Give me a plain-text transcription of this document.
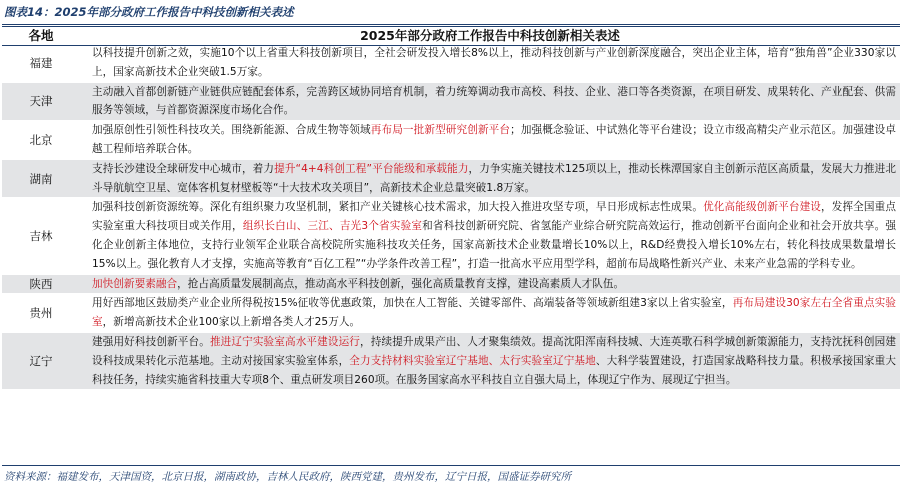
图表14：2025年部分政府工作报告中科技创新相关表述
各地	2025年部分政府工作报告中科技创新相关表述
福建	以科技提升创新之效，实施10个以上省重大科技创新项目，全社会研发投入增长8%以上，推动科技创新与产业创新深度融合，突出企业主体，培育“独角兽”企业330家以上，国家高新技术企业突破1.5万家。
天津	主动融入首都创新链产业链供应链配套体系，完善跨区域协同培育机制，着力统筹调动我市高校、科技、企业、港口等各类资源，在项目研发、成果转化、产业配套、供需服务等领域，与首都资源深度市场化合作。
北京	加强原创性引领性科技攻关。围绕新能源、合成生物等领域再布局一批新型研究创新平台；加强概念验证、中试熟化等平台建设；设立市级高精尖产业示范区。加强建设卓越工程师培养联合体。
湖南	支持长沙建设全球研发中心城市，着力提升“4+4科创工程”平台能级和承载能力，力争实施关键技术125项以上，推动长株潭国家自主创新示范区高质量，发展大力推进北斗导航航空卫星、宽体客机复材壁板等“十大技术攻关项目”，高新技术企业总量突破1.8万家。
吉林	加强科技创新资源统筹。深化有组织聚力攻坚机制，紧扣产业关键核心技术需求，加大投入推进攻坚专项，早日形成标志性成果。优化高能级创新平台建设，发挥全国重点实验室重大科技项目或关作用，组织长白山、三江、吉光3个省实验室和省科技创新研究院、省氢能产业综合研究院高效运行，推动创新平台面向企业和社会开放共享。强化企业创新主体地位，支持行业领军企业联合高校院所实施科技攻关任务，国家高新技术企业数量增长10%以上，R&D经费投入增长10%左右，转化科技成果数量增长15%以上。强化教育人才支撑，实施高等教育“百亿工程”“办学条件改善工程”，打造一批高水平应用型学科，超前布局战略性新兴产业、未来产业急需的学科专业。
陕西	加快创新要素融合，抢占高质量发展制高点，推动高水平科技创新，强化高质量教育支撑，建设高素质人才队伍。
贵州	用好西部地区鼓励类产业企业所得税按15%征收等优惠政策，加快在人工智能、关键零部件、高端装备等领域新组建3家以上省实验室，再布局建设30家左右全省重点实验室，新增高新技术企业100家以上新增各类人才25万人。
辽宁	建强用好科技创新平台。推进辽宁实验室高水平建设运行，持续提升成果产出、人才聚集绩效。提高沈阳浑南科技城、大连英歌石科学城创新策源能力，支持沈抚科创园建设科技成果转化示范基地。主动对接国家实验室体系，全力支持材料实验室辽宁基地、太行实验室辽宁基地、大科学装置建设，打造国家战略科技力量。积极承接国家重大科技任务，持续实施省科技重大专项8个、重点研发项目260项。在服务国家高水平科技自立自强大局上，体现辽宁作为、展现辽宁担当。
资料来源：福建发布，天津国资，北京日报，湖南政协，吉林人民政府，陕西党建，贵州发布，辽宁日报，国盛证券研究所
